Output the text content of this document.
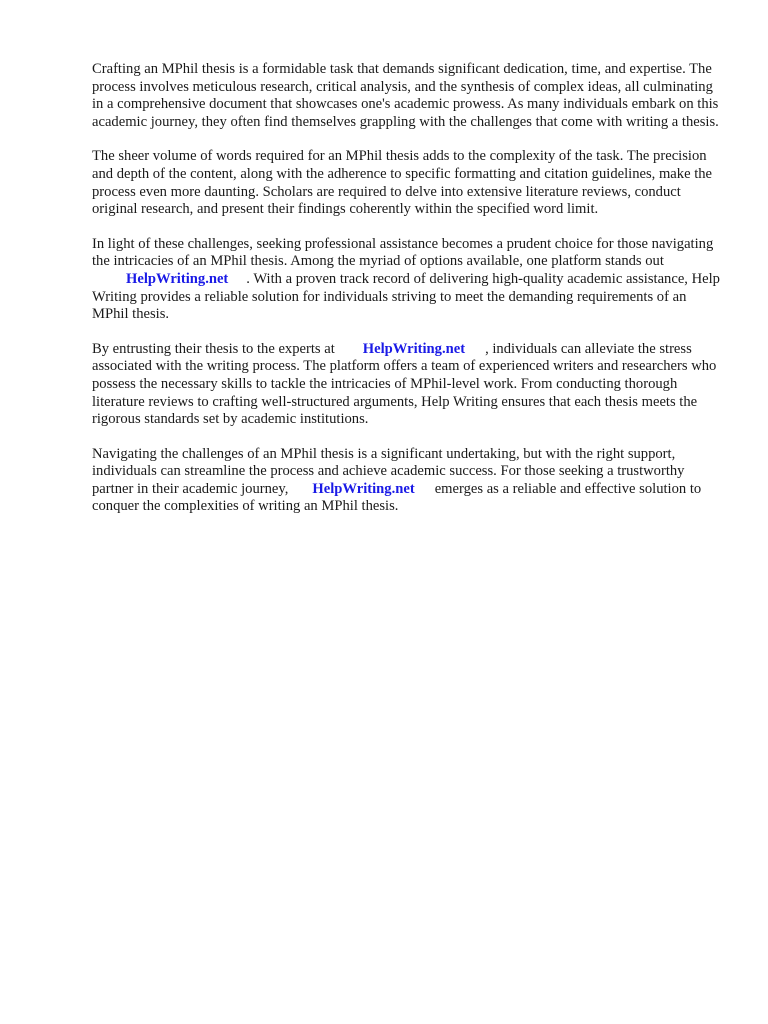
Crafting an MPhil thesis is a formidable task that demands significant dedication, time, and expertise. The process involves meticulous research, critical analysis, and the synthesis of complex ideas, all culminating in a comprehensive document that showcases one's academic prowess. As many individuals embark on this academic journey, they often find themselves grappling with the challenges that come with writing a thesis.

The sheer volume of words required for an MPhil thesis adds to the complexity of the task. The precision and depth of the content, along with the adherence to specific formatting and citation guidelines, make the process even more daunting. Scholars are required to delve into extensive literature reviews, conduct original research, and present their findings coherently within the specified word limit.

In light of these challenges, seeking professional assistance becomes a prudent choice for those navigating the intricacies of an MPhil thesis. Among the myriad of options available, one platform stands outHelpWriting.net . With a proven track record of delivering high-quality academic assistance, Help Writing provides a reliable solution for individuals striving to meet the demanding requirements of an MPhil thesis.

By entrusting their thesis to the experts at HelpWriting.net , individuals can alleviate the stress associated with the writing process. The platform offers a team of experienced writers and researchers who possess the necessary skills to tackle the intricacies of MPhil-level work. From conducting thorough literature reviews to crafting well-structured arguments, Help Writing ensures that each thesis meets the rigorous standards set by academic institutions.

Navigating the challenges of an MPhil thesis is a significant undertaking, but with the right support, individuals can streamline the process and achieve academic success. For those seeking a trustworthy partner in their academic journey, HelpWriting.net emerges as a reliable and effective solution to conquer the complexities of writing an MPhil thesis.
